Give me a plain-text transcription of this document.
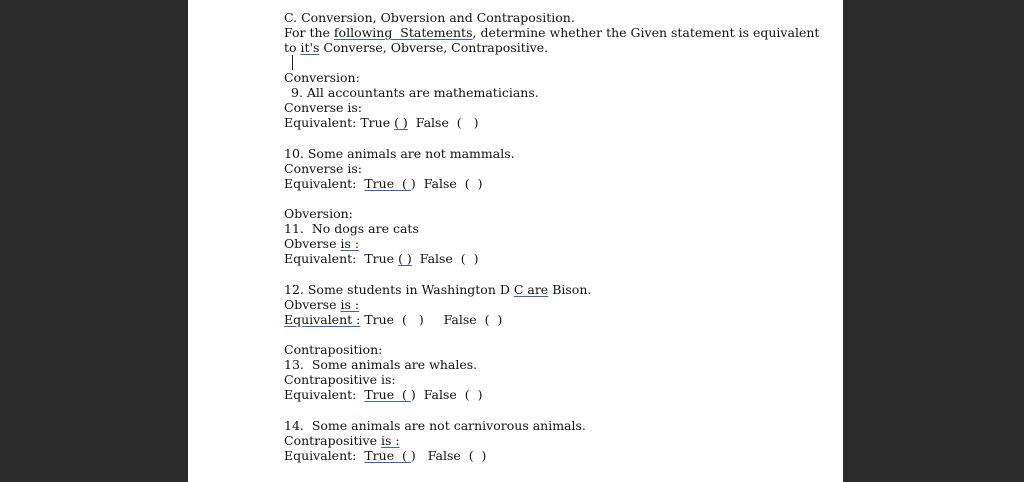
C. Conversion, Obversion and Contraposition.

For the following  Statements, determine whether the Given statement is equivalent

to it's Converse, Obverse, Contrapositive.

Conversion:

9. All accountants are mathematicians.

Converse is:

Equivalent: True ( )  False  (   )

10. Some animals are not mammals.

Converse is:

Equivalent:  True  ( )  False  (  )

Obversion:

11.  No dogs are cats

Obverse is :

Equivalent:  True ( )  False  (  )

12. Some students in Washington D C are Bison.

Obverse is :

Equivalent : True  (   )     False  (  )

Contraposition:

13.  Some animals are whales.

Contrapositive is:

Equivalent:  True  ( )  False  (  )

14.  Some animals are not carnivorous animals.

Contrapositive is :

Equivalent:  True  ( )   False  (  )
